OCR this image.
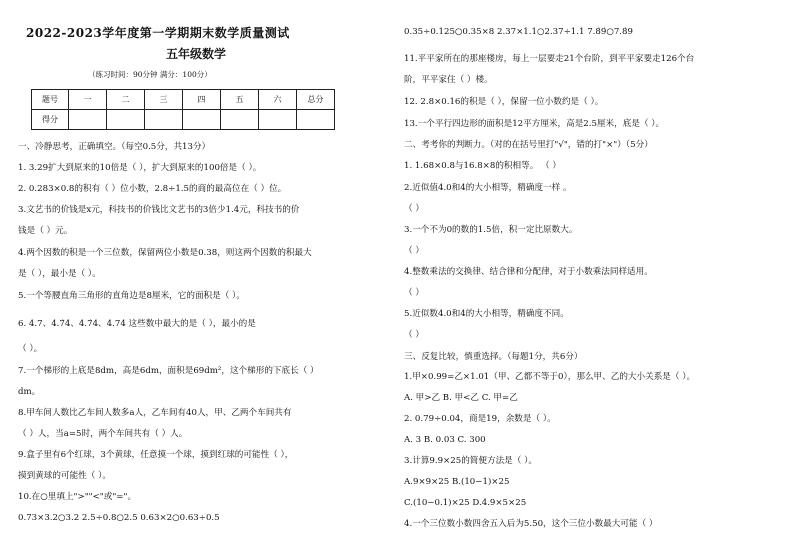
2022-2023学年度第一学期期末数学质量测试
五年级数学
（练习时间：90分钟 满分：100分）
一、冷静思考，正确填空。（每空0.5分，共13分）
1. 3.29扩大到原来的10倍是（ ），扩大到原来的100倍是（ ）。
2. 0.283×0.8的积有（ ）位小数，2.8÷1.5的商的最高位在（ ）位。
3.文艺书的价钱是x元，科技书的价钱比文艺书的3倍少1.4元，科技书的价
钱是（ ）元。
4.两个因数的积是一个三位数，保留两位小数是0.38，则这两个因数的积最大
是（ ），最小是（ ）。
5.一个等腰直角三角形的直角边是8厘米，它的面积是（ ）。
6. 4.7、4.7̇4̇、4.7̇4、4.74 这些数中最大的是（ ），最小的是
（ ）。
7.一个梯形的上底是8dm，高是6dm，面积是69dm²，这个梯形的下底长（ ）
dm。
8.甲车间人数比乙车间人数多a人，乙车间有40人，甲、乙两个车间共有
（ ）人，当a=5时，两个车间共有（ ）人。
9.盒子里有6个红球，3个黄球，任意摸一个球，摸到红球的可能性（ ），
摸到黄球的可能性（ ）。
10.在○里填上">""<"或"="。
0.73×3.2○3.2 2.5÷0.8○2.5 0.63×2○0.63÷0.5
题号	一	二	三	四	五	六	总分
得分							
0.35÷0.125○0.35×8 2.37×1.1○2.37÷1.1 7.8̇9̇○7.8̇9
11.平平家所在的那座楼房，每上一层要走21个台阶，到平平家要走126个台
阶，平平家住（ ）楼。
12. 2.8×0.16的积是（ ），保留一位小数约是（ ）。
13.一个平行四边形的面积是12平方厘米，高是2.5厘米，底是（ ）。
二、考考你的判断力。（对的在括号里打"√"，错的打"×"）（5分）
1. 1.68×0.8与16.8×8的积相等。 （ ）
2.近似值4.0和4的大小相等，精确度一样 。
（ ）
3.一个不为0的数的1.5倍，积一定比原数大。
（ ）
4.整数乘法的交换律、结合律和分配律，对于小数乘法同样适用。
（ ）
5.近似数4.0和4的大小相等，精确度不同。
（ ）
三、反复比较，慎重选择。（每题1分，共6分）
1.甲×0.99=乙×1.01（甲、乙都不等于0），那么甲、乙的大小关系是（ ）。
A. 甲>乙 B. 甲<乙 C. 甲=乙
2. 0.79÷0.04，商是19，余数是（ ）。
A. 3 B. 0.03 C. 300
3.计算9.9×25的简便方法是（ ）。
A.9×9×25 B.(10−1)×25
C.(10−0.1)×25 D.4.9×5×25
4.一个三位数小数四舍五入后为5.50，这个三位小数最大可能（ ）
